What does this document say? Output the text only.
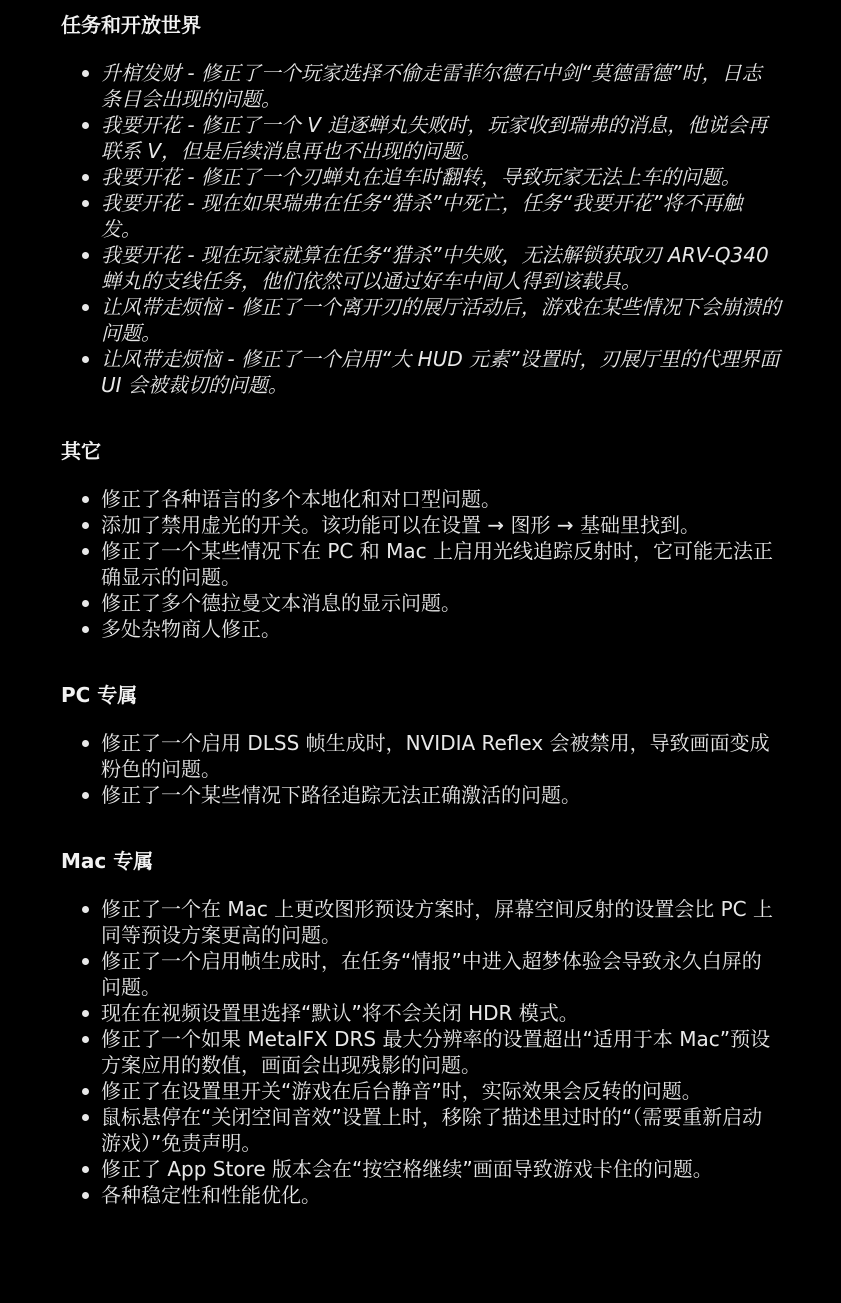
任务和开放世界
升棺发财 - 修正了一个玩家选择不偷走雷菲尔德石中剑“莫德雷德”时，日志条目会出现的问题。
我要开花 - 修正了一个 V 追逐蝉丸失败时，玩家收到瑞弗的消息，他说会再联系 V，但是后续消息再也不出现的问题。
我要开花 - 修正了一个刃蝉丸在追车时翻转，导致玩家无法上车的问题。
我要开花 - 现在如果瑞弗在任务“猎杀”中死亡，任务“我要开花”将不再触发。
我要开花 - 现在玩家就算在任务“猎杀”中失败，无法解锁获取刃 ARV-Q340 蝉丸的支线任务，他们依然可以通过好车中间人得到该载具。
让风带走烦恼 - 修正了一个离开刃的展厅活动后，游戏在某些情况下会崩溃的问题。
让风带走烦恼 - 修正了一个启用“大 HUD 元素”设置时，刃展厅里的代理界面 UI 会被裁切的问题。
其它
修正了各种语言的多个本地化和对口型问题。
添加了禁用虚光的开关。该功能可以在设置 → 图形 → 基础里找到。
修正了一个某些情况下在 PC 和 Mac 上启用光线追踪反射时，它可能无法正确显示的问题。
修正了多个德拉曼文本消息的显示问题。
多处杂物商人修正。
PC 专属
修正了一个启用 DLSS 帧生成时，NVIDIA Reflex 会被禁用，导致画面变成粉色的问题。
修正了一个某些情况下路径追踪无法正确激活的问题。
Mac 专属
修正了一个在 Mac 上更改图形预设方案时，屏幕空间反射的设置会比 PC 上同等预设方案更高的问题。
修正了一个启用帧生成时，在任务“情报”中进入超梦体验会导致永久白屏的问题。
现在在视频设置里选择“默认”将不会关闭 HDR 模式。
修正了一个如果 MetalFX DRS 最大分辨率的设置超出“适用于本 Mac”预设方案应用的数值，画面会出现残影的问题。
修正了在设置里开关“游戏在后台静音”时，实际效果会反转的问题。
鼠标悬停在“关闭空间音效”设置上时，移除了描述里过时的“（需要重新启动游戏）”免责声明。
修正了 App Store 版本会在“按空格继续”画面导致游戏卡住的问题。
各种稳定性和性能优化。
